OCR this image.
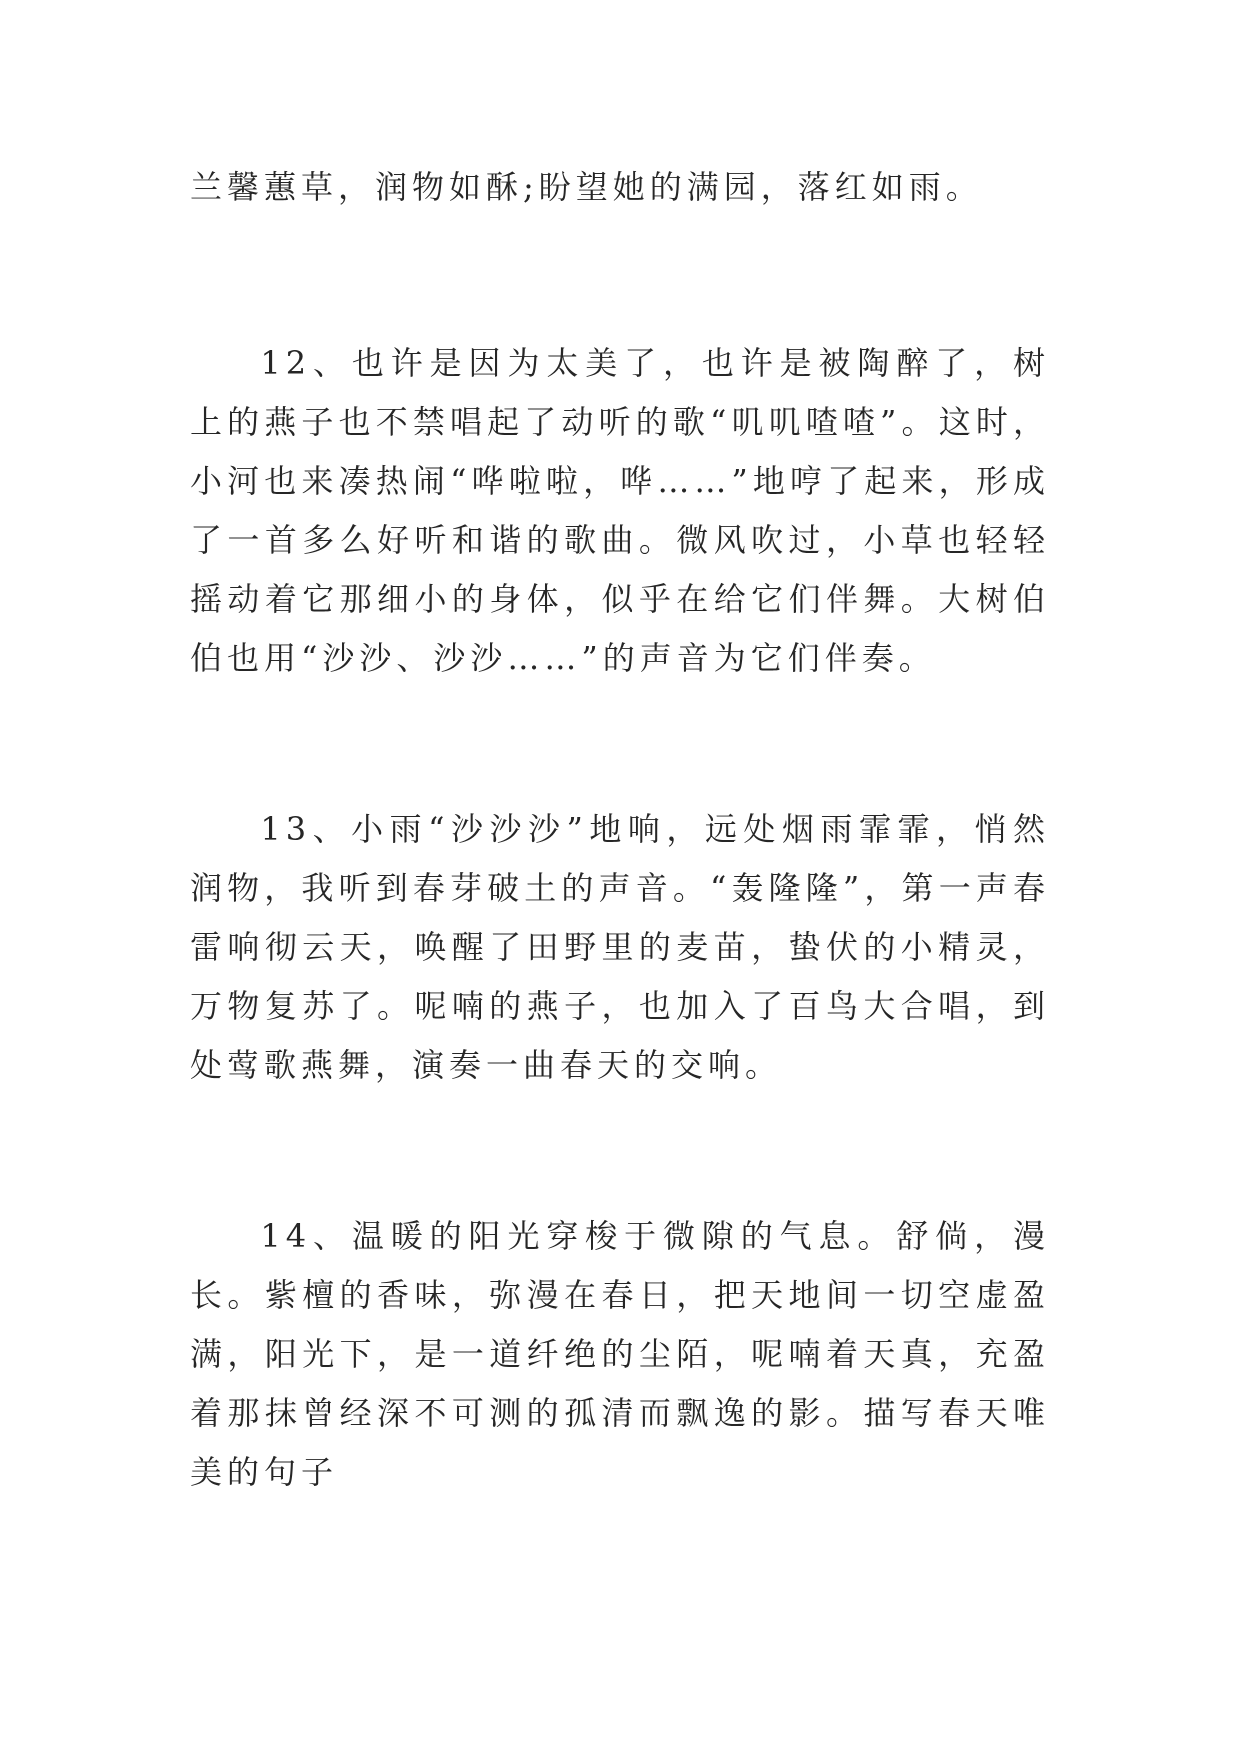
兰馨蕙草，润物如酥;盼望她的满园，落红如雨。

12、也许是因为太美了，也许是被陶醉了，树上的燕子也不禁唱起了动听的歌“叽叽喳喳”。这时，小河也来凑热闹“哗啦啦，哗……”地哼了起来，形成了一首多么好听和谐的歌曲。微风吹过，小草也轻轻摇动着它那细小的身体，似乎在给它们伴舞。大树伯伯也用“沙沙、沙沙……”的声音为它们伴奏。

13、小雨“沙沙沙”地响，远处烟雨霏霏，悄然润物，我听到春芽破土的声音。“轰隆隆”，第一声春雷响彻云天，唤醒了田野里的麦苗，蛰伏的小精灵，万物复苏了。呢喃的燕子，也加入了百鸟大合唱，到处莺歌燕舞，演奏一曲春天的交响。

14、温暖的阳光穿梭于微隙的气息。舒倘，漫长。紫檀的香味，弥漫在春日，把天地间一切空虚盈满，阳光下，是一道纤绝的尘陌，呢喃着天真，充盈着那抹曾经深不可测的孤清而飘逸的影。描写春天唯美的句子
